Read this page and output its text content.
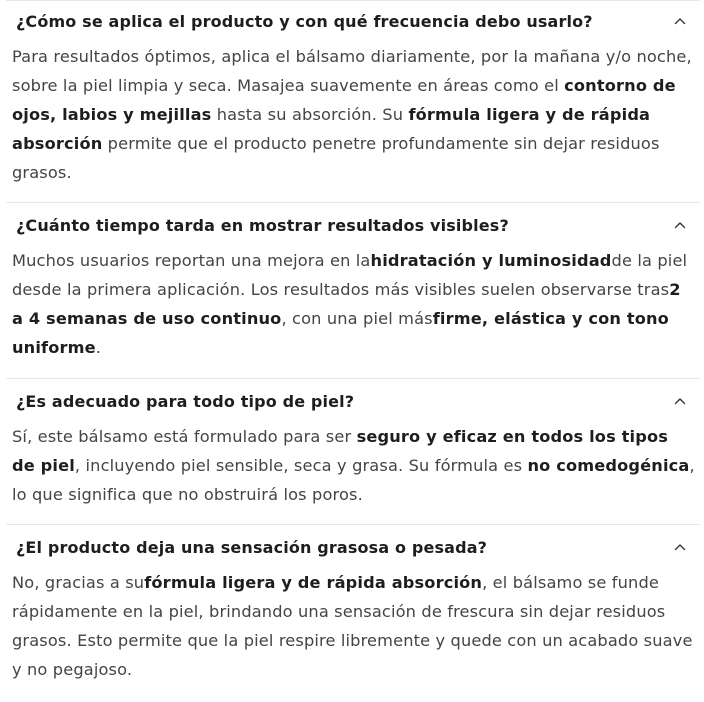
¿Cómo se aplica el producto y con qué frecuencia debo usarlo?
Para resultados óptimos, aplica el bálsamo diariamente, por la mañana y/o noche, sobre la piel limpia y seca. Masajea suavemente en áreas como el contorno de ojos, labios y mejillas hasta su absorción. Su fórmula ligera y de rápida absorción permite que el producto penetre profundamente sin dejar residuos grasos.
¿Cuánto tiempo tarda en mostrar resultados visibles?
Muchos usuarios reportan una mejora en lahidratación y luminosidadde la piel desde la primera aplicación. Los resultados más visibles suelen observarse tras2 a 4 semanas de uso continuo, con una piel másfirme, elástica y con tono uniforme.
¿Es adecuado para todo tipo de piel?
Sí, este bálsamo está formulado para ser seguro y eficaz en todos los tipos de piel, incluyendo piel sensible, seca y grasa. Su fórmula es no comedogénica, lo que significa que no obstruirá los poros.
¿El producto deja una sensación grasosa o pesada?
No, gracias a sufórmula ligera y de rápida absorción, el bálsamo se funde rápidamente en la piel, brindando una sensación de frescura sin dejar residuos grasos. Esto permite que la piel respire libremente y quede con un acabado suave y no pegajoso.
